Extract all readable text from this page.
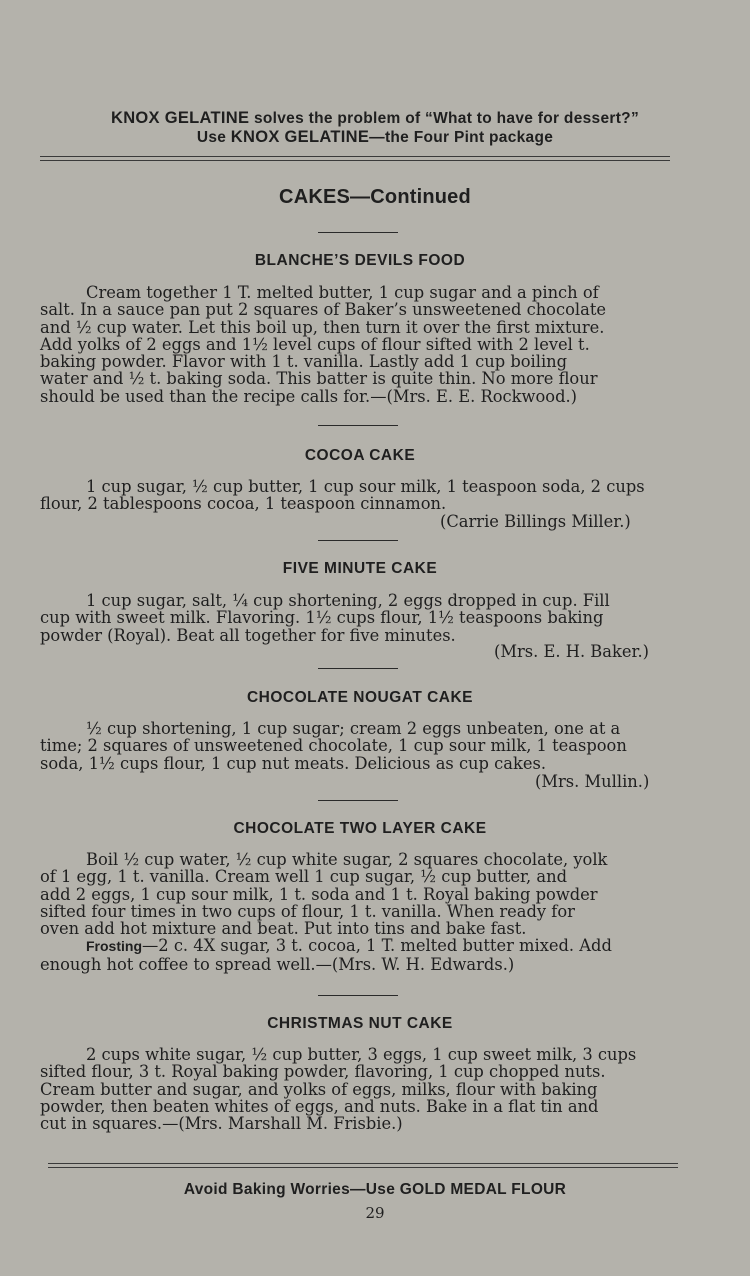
KNOX GELATINE solves the problem of “What to have for dessert?”
Use KNOX GELATINE—the Four Pint package
CAKES—Continued
BLANCHE’S DEVILS FOOD

Cream together 1 T. melted butter, 1 cup sugar and a pinch of
salt. In a sauce pan put 2 squares of Baker’s unsweetened chocolate
and ½ cup water. Let this boil up, then turn it over the first mixture.
Add yolks of 2 eggs and 1½ level cups of flour sifted with 2 level t.
baking powder. Flavor with 1 t. vanilla. Lastly add 1 cup boiling
water and ½ t. baking soda. This batter is quite thin. No more flour
should be used than the recipe calls for.—(Mrs. E. E. Rockwood.)

COCOA CAKE

1 cup sugar, ½ cup butter, 1 cup sour milk, 1 teaspoon soda, 2 cups
flour, 2 tablespoons cocoa, 1 teaspoon cinnamon.

(Carrie Billings Miller.)
FIVE MINUTE CAKE

1 cup sugar, salt, ¼ cup shortening, 2 eggs dropped in cup. Fill
cup with sweet milk. Flavoring. 1½ cups flour, 1½ teaspoons baking
powder (Royal). Beat all together for five minutes.

(Mrs. E. H. Baker.)
CHOCOLATE NOUGAT CAKE

½ cup shortening, 1 cup sugar; cream 2 eggs unbeaten, one at a
time; 2 squares of unsweetened chocolate, 1 cup sour milk, 1 teaspoon
soda, 1½ cups flour, 1 cup nut meats. Delicious as cup cakes.

(Mrs. Mullin.)
CHOCOLATE TWO LAYER CAKE

Boil ½ cup water, ½ cup white sugar, 2 squares chocolate, yolk
of 1 egg, 1 t. vanilla. Cream well 1 cup sugar, ½ cup butter, and
add 2 eggs, 1 cup sour milk, 1 t. soda and 1 t. Royal baking powder
sifted four times in two cups of flour, 1 t. vanilla. When ready for
oven add hot mixture and beat. Put into tins and bake fast.
Frosting—2 c. 4X sugar, 3 t. cocoa, 1 T. melted butter mixed. Add
enough hot coffee to spread well.—(Mrs. W. H. Edwards.)

CHRISTMAS NUT CAKE

2 cups white sugar, ½ cup butter, 3 eggs, 1 cup sweet milk, 3 cups
sifted flour, 3 t. Royal baking powder, flavoring, 1 cup chopped nuts.
Cream butter and sugar, and yolks of eggs, milks, flour with baking
powder, then beaten whites of eggs, and nuts. Bake in a flat tin and
cut in squares.—(Mrs. Marshall M. Frisbie.)

Avoid Baking Worries—Use GOLD MEDAL FLOUR
29
